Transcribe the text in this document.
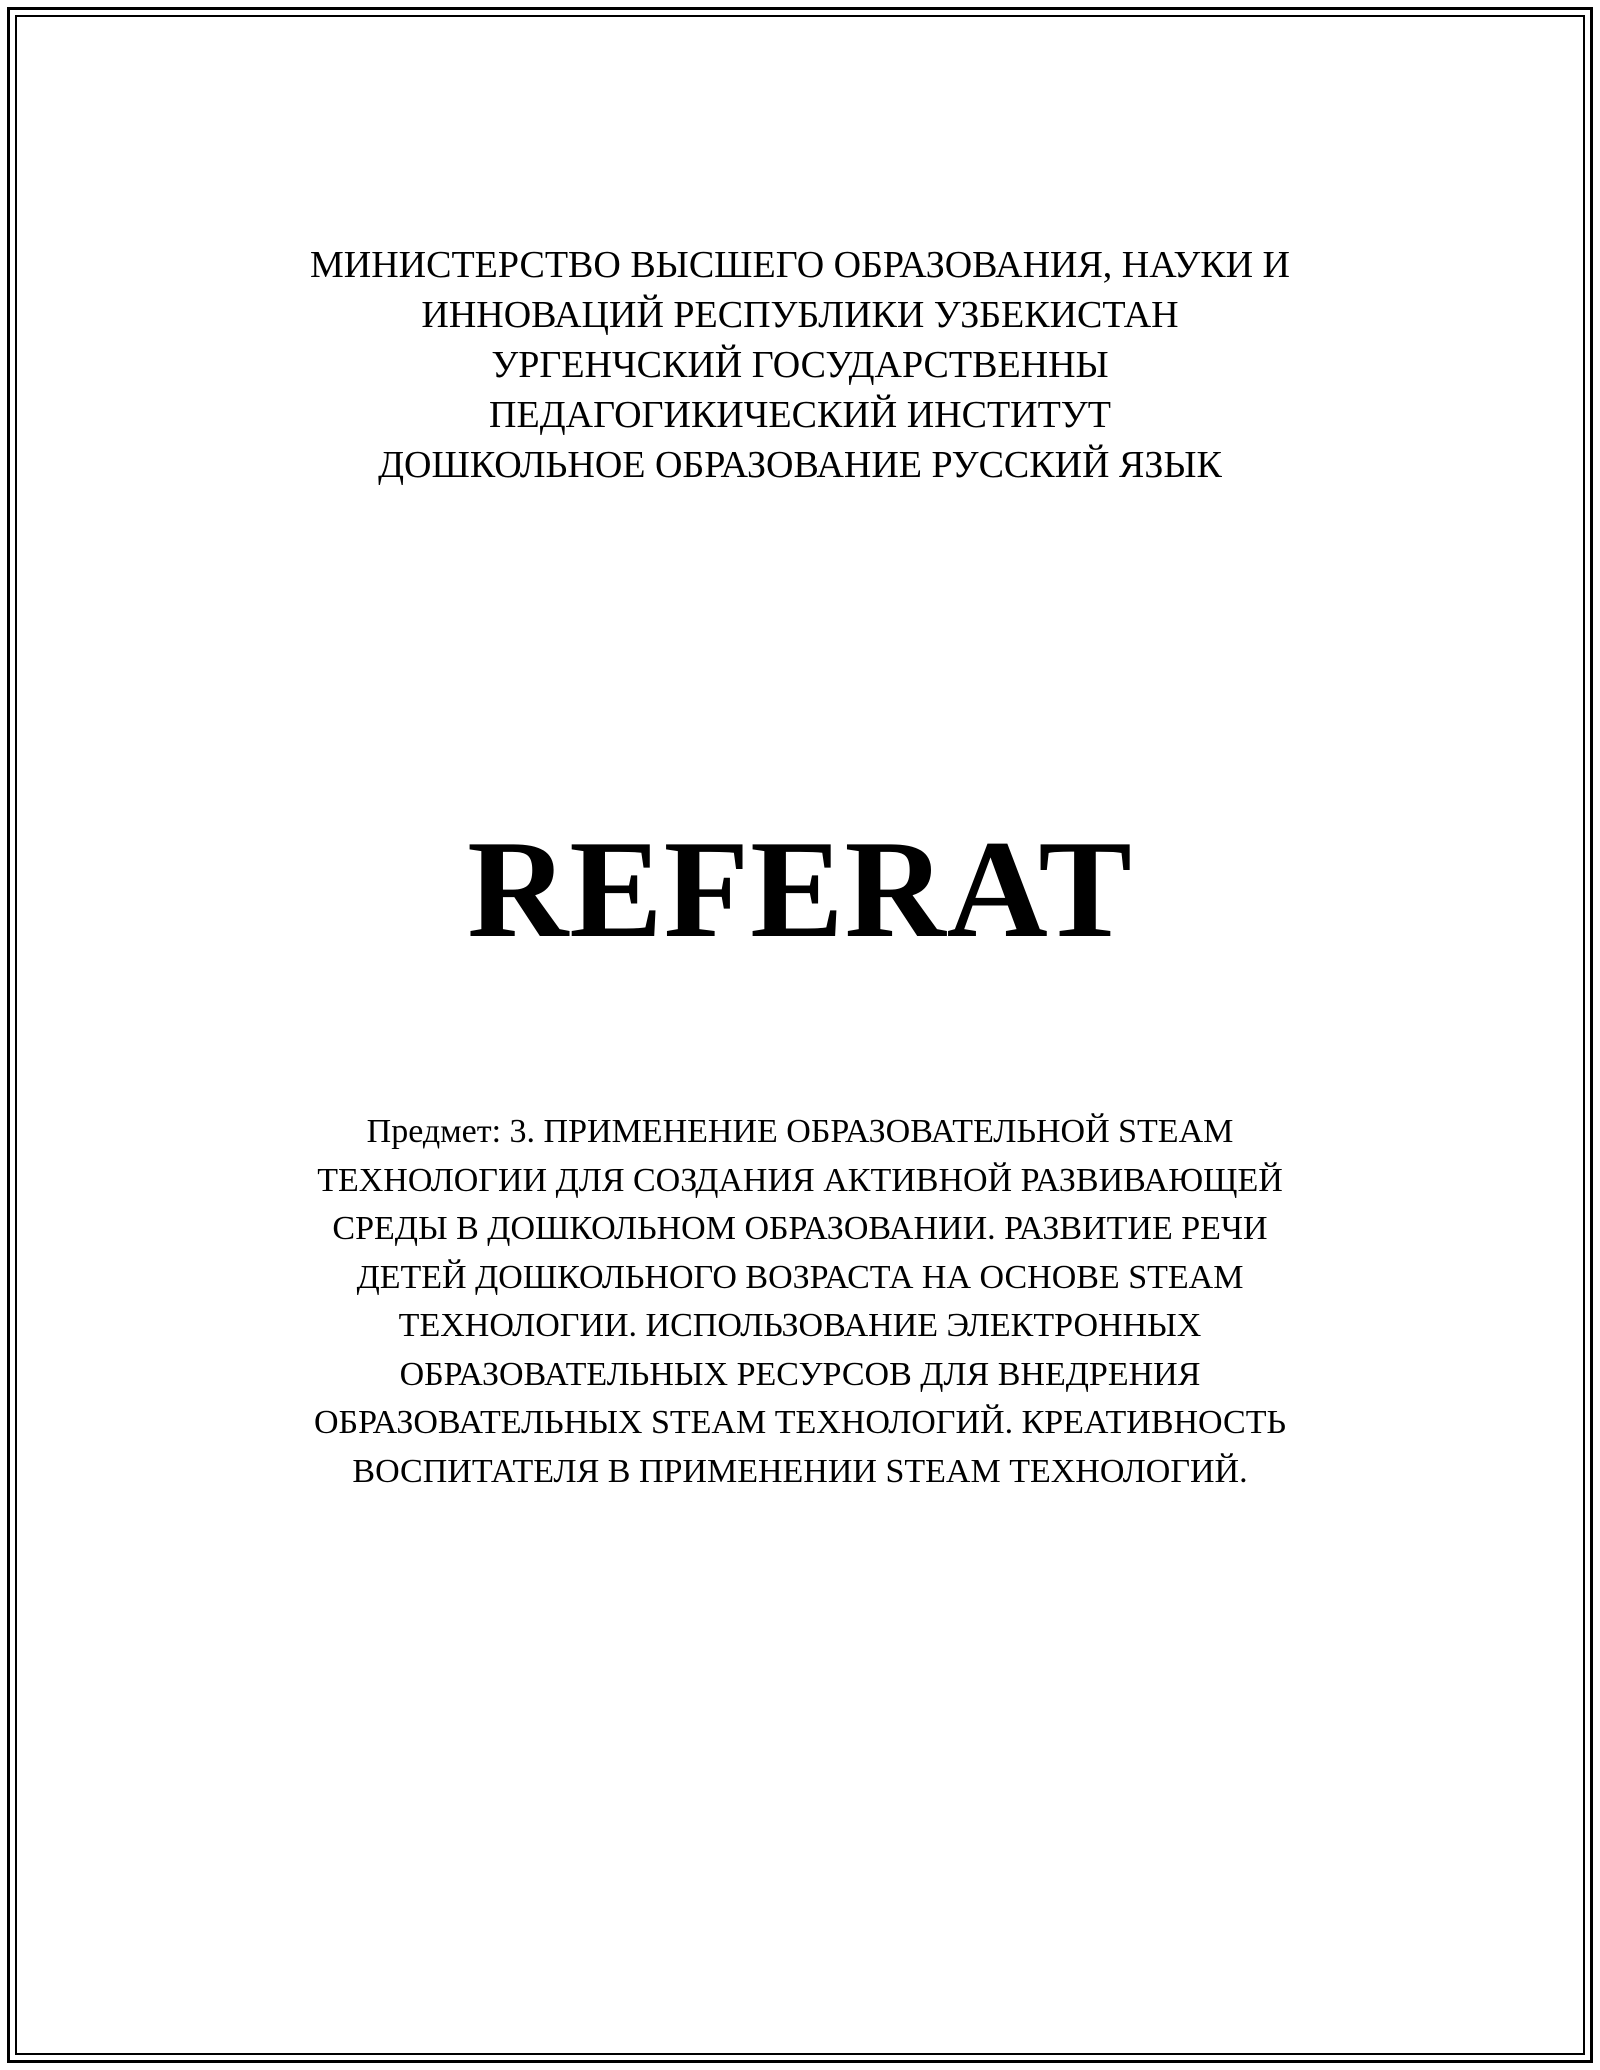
МИНИСТЕРСТВО ВЫСШЕГО ОБРАЗОВАНИЯ, НАУКИ И
ИННОВАЦИЙ РЕСПУБЛИКИ УЗБЕКИСТАН
УРГЕНЧСКИЙ ГОСУДАРСТВЕННЫ
ПЕДАГОГИКИЧЕСКИЙ ИНСТИТУТ
ДОШКОЛЬНОЕ ОБРАЗОВАНИЕ РУССКИЙ ЯЗЫК
REFERAT
Предмет: 3. ПРИМЕНЕНИЕ ОБРАЗОВАТЕЛЬНОЙ STEAM
ТЕХНОЛОГИИ ДЛЯ СОЗДАНИЯ АКТИВНОЙ РАЗВИВАЮЩЕЙ
СРЕДЫ В ДОШКОЛЬНОМ ОБРАЗОВАНИИ. РАЗВИТИЕ РЕЧИ
ДЕТЕЙ ДОШКОЛЬНОГО ВОЗРАСТА НА ОСНОВЕ STEAM
ТЕХНОЛОГИИ. ИСПОЛЬЗОВАНИЕ ЭЛЕКТРОННЫХ
ОБРАЗОВАТЕЛЬНЫХ РЕСУРСОВ ДЛЯ ВНЕДРЕНИЯ
ОБРАЗОВАТЕЛЬНЫХ STEAM ТЕХНОЛОГИЙ. КРЕАТИВНОСТЬ
ВОСПИТАТЕЛЯ В ПРИМЕНЕНИИ STEAM ТЕХНОЛОГИЙ.
